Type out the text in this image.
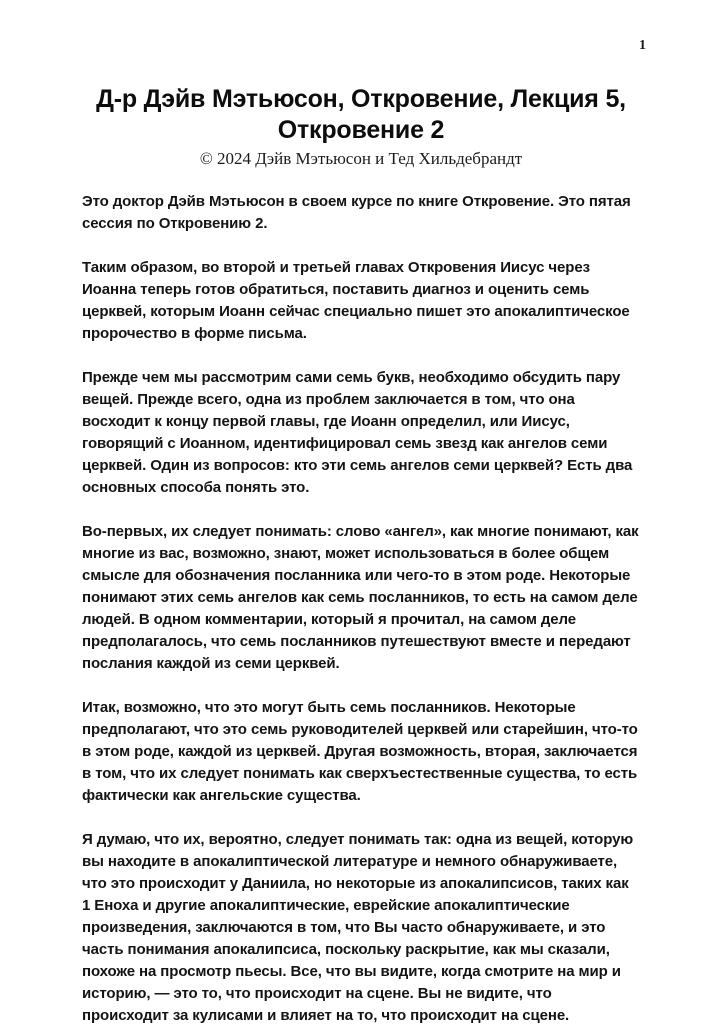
1
Д-р Дэйв Мэтьюсон, Откровение, Лекция 5, Откровение 2
© 2024 Дэйв Мэтьюсон и Тед Хильдебрандт

Это доктор Дэйв Мэтьюсон в своем курсе по книге Откровение. Это пятая сессия по Откровению 2.

Таким образом, во второй и третьей главах Откровения Иисус через Иоанна теперь готов обратиться, поставить диагноз и оценить семь церквей, которым Иоанн сейчас специально пишет это апокалиптическое пророчество в форме письма.

Прежде чем мы рассмотрим сами семь букв, необходимо обсудить пару вещей. Прежде всего, одна из проблем заключается в том, что она восходит к концу первой главы, где Иоанн определил, или Иисус, говорящий с Иоанном, идентифицировал семь звезд как ангелов семи церквей. Один из вопросов: кто эти семь ангелов семи церквей? Есть два основных способа понять это.

Во-первых, их следует понимать: слово «ангел», как многие понимают, как многие из вас, возможно, знают, может использоваться в более общем смысле для обозначения посланника или чего-то в этом роде. Некоторые понимают этих семь ангелов как семь посланников, то есть на самом деле людей. В одном комментарии, который я прочитал, на самом деле предполагалось, что семь посланников путешествуют вместе и передают послания каждой из семи церквей.

Итак, возможно, что это могут быть семь посланников. Некоторые предполагают, что это семь руководителей церквей или старейшин, что-то в этом роде, каждой из церквей. Другая возможность, вторая, заключается в том, что их следует понимать как сверхъестественные существа, то есть фактически как ангельские существа.

Я думаю, что их, вероятно, следует понимать так: одна из вещей, которую вы находите в апокалиптической литературе и немного обнаруживаете, что это происходит у Даниила, но некоторые из апокалипсисов, таких как 1 Еноха и другие апокалиптические, еврейские апокалиптические произведения, заключаются в том, что Вы часто обнаруживаете, и это часть понимания апокалипсиса, поскольку раскрытие, как мы сказали, похоже на просмотр пьесы. Все, что вы видите, когда смотрите на мир и историю, — это то, что происходит на сцене. Вы не видите, что происходит за кулисами и влияет на то, что происходит на сцене.
